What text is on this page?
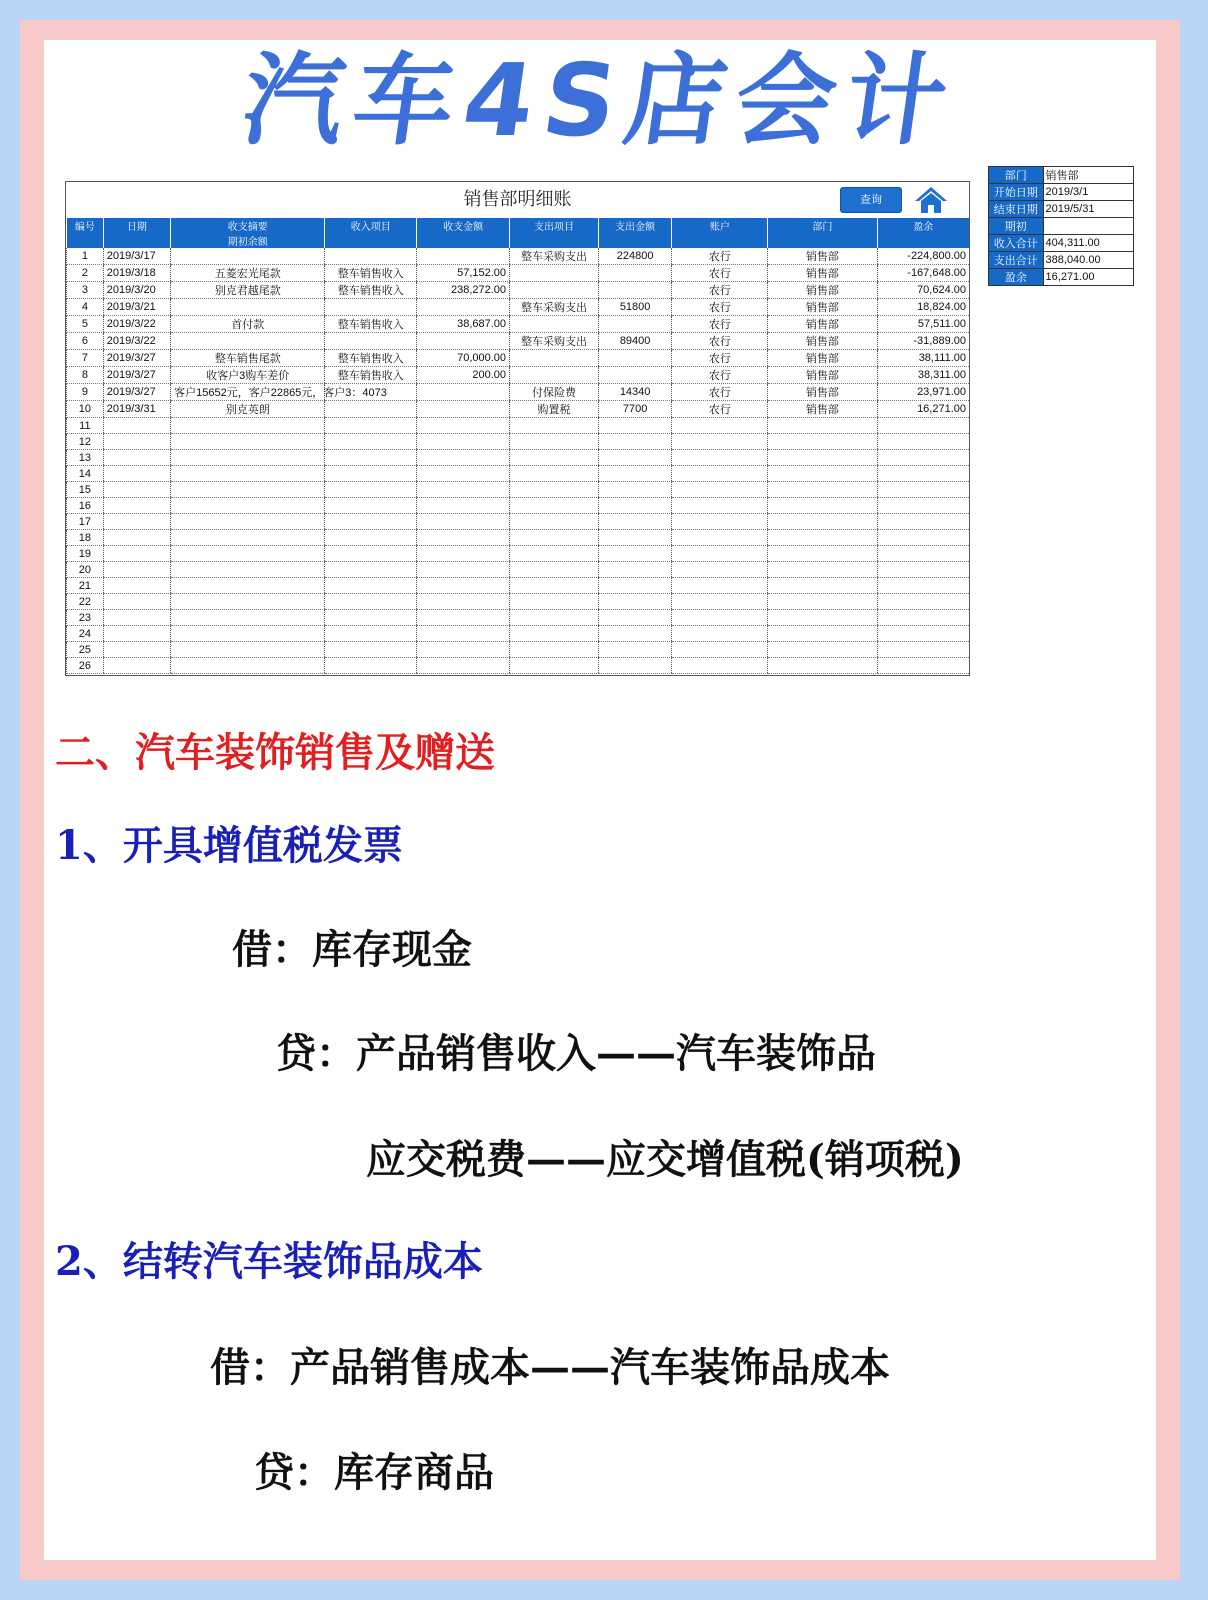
汽车4S店会计
销售部明细账	查询
编号	日期	收支摘要	收入项目	收支金额	支出项目	支出金额	账户	部门	盈余
		期初余额							
1	2019/3/17				整车采购支出	224800	农行	销售部	-224,800.00
2	2019/3/18	五菱宏光尾款	整车销售收入	57,152.00			农行	销售部	-167,648.00
3	2019/3/20	别克君越尾款	整车销售收入	238,272.00			农行	销售部	70,624.00
4	2019/3/21				整车采购支出	51800	农行	销售部	18,824.00
5	2019/3/22	首付款	整车销售收入	38,687.00			农行	销售部	57,511.00
6	2019/3/22				整车采购支出	89400	农行	销售部	-31,889.00
7	2019/3/27	整车销售尾款	整车销售收入	70,000.00			农行	销售部	38,111.00
8	2019/3/27	收客户3购车差价	整车销售收入	200.00			农行	销售部	38,311.00
9	2019/3/27	客户15652元，客户22865元，客户3：4073			付保险费	14340	农行	销售部	23,971.00
10	2019/3/31	别克英朗			购置税	7700	农行	销售部	16,271.00
11									
12									
13									
14									
15									
16									
17									
18									
19									
20									
21									
22									
23									
24									
25									
26									
部门	销售部
开始日期	2019/3/1
结束日期	2019/5/31
期初	
收入合计	404,311.00
支出合计	388,040.00
盈余	16,271.00
二、汽车装饰销售及赠送
1、开具增值税发票
借：库存现金
贷：产品销售收入——汽车装饰品
应交税费——应交增值税(销项税)
2、结转汽车装饰品成本
借：产品销售成本——汽车装饰品成本
贷：库存商品
